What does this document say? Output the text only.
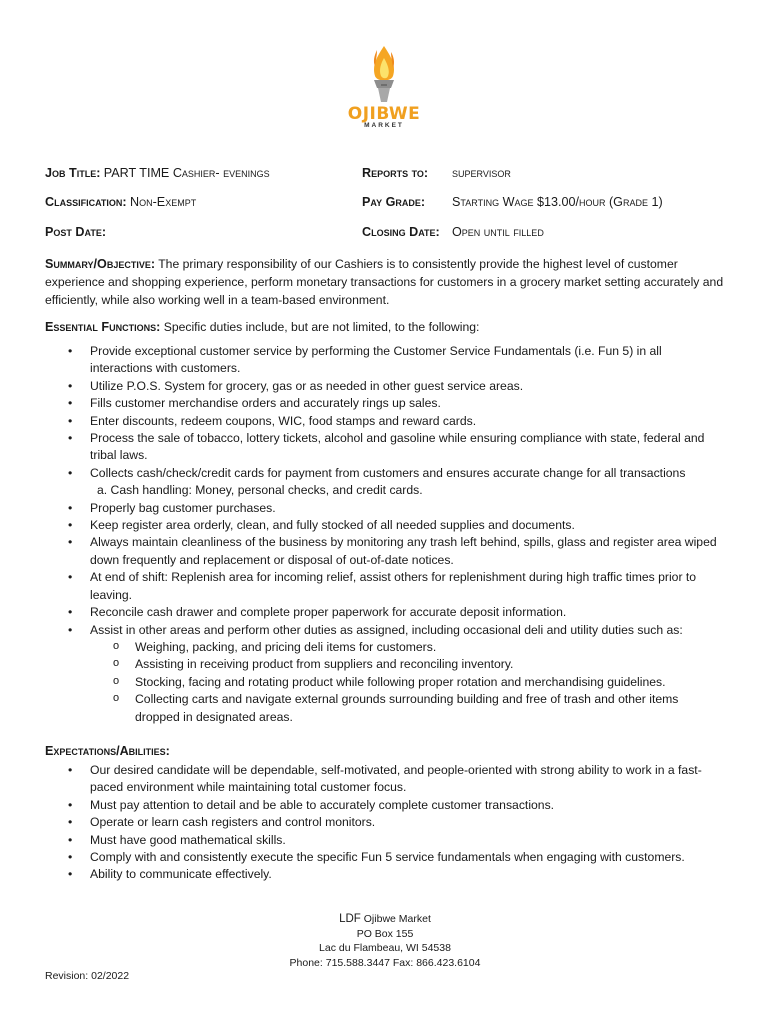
OJIBWE
MARKET
Job Title: PART TIME Cashier- evenings	Reports to: supervisor
Classification: Non-Exempt	Pay Grade: Starting Wage $13.00/hour (Grade 1)
Post Date:	Closing Date: Open until filled
Summary/Objective: The primary responsibility of our Cashiers is to consistently provide the highest level of customer experience and shopping experience, perform monetary transactions for customers in a grocery market setting accurately and efficiently, while also working well in a team-based environment.
Essential Functions: Specific duties include, but are not limited, to the following:
• Provide exceptional customer service by performing the Customer Service Fundamentals (i.e. Fun 5) in all interactions with customers.
• Utilize P.O.S. System for grocery, gas or as needed in other guest service areas.
• Fills customer merchandise orders and accurately rings up sales.
• Enter discounts, redeem coupons, WIC, food stamps and reward cards.
• Process the sale of tobacco, lottery tickets, alcohol and gasoline while ensuring compliance with state, federal and tribal laws.
• Collects cash/check/credit cards for payment from customers and ensures accurate change for all transactions
a. Cash handling: Money, personal checks, and credit cards.
• Properly bag customer purchases.
• Keep register area orderly, clean, and fully stocked of all needed supplies and documents.
• Always maintain cleanliness of the business by monitoring any trash left behind, spills, glass and register area wiped down frequently and replacement or disposal of out-of-date notices.
• At end of shift: Replenish area for incoming relief, assist others for replenishment during high traffic times prior to leaving.
• Reconcile cash drawer and complete proper paperwork for accurate deposit information.
• Assist in other areas and perform other duties as assigned, including occasional deli and utility duties such as:
o Weighing, packing, and pricing deli items for customers.
o Assisting in receiving product from suppliers and reconciling inventory.
o Stocking, facing and rotating product while following proper rotation and merchandising guidelines.
o Collecting carts and navigate external grounds surrounding building and free of trash and other items dropped in designated areas.
Expectations/Abilities:
• Our desired candidate will be dependable, self-motivated, and people-oriented with strong ability to work in a fast-paced environment while maintaining total customer focus.
• Must pay attention to detail and be able to accurately complete customer transactions.
• Operate or learn cash registers and control monitors.
• Must have good mathematical skills.
• Comply with and consistently execute the specific Fun 5 service fundamentals when engaging with customers.
• Ability to communicate effectively.
LDF Ojibwe Market
PO Box 155
Lac du Flambeau, WI 54538
Phone: 715.588.3447 Fax: 866.423.6104
Revision: 02/2022
